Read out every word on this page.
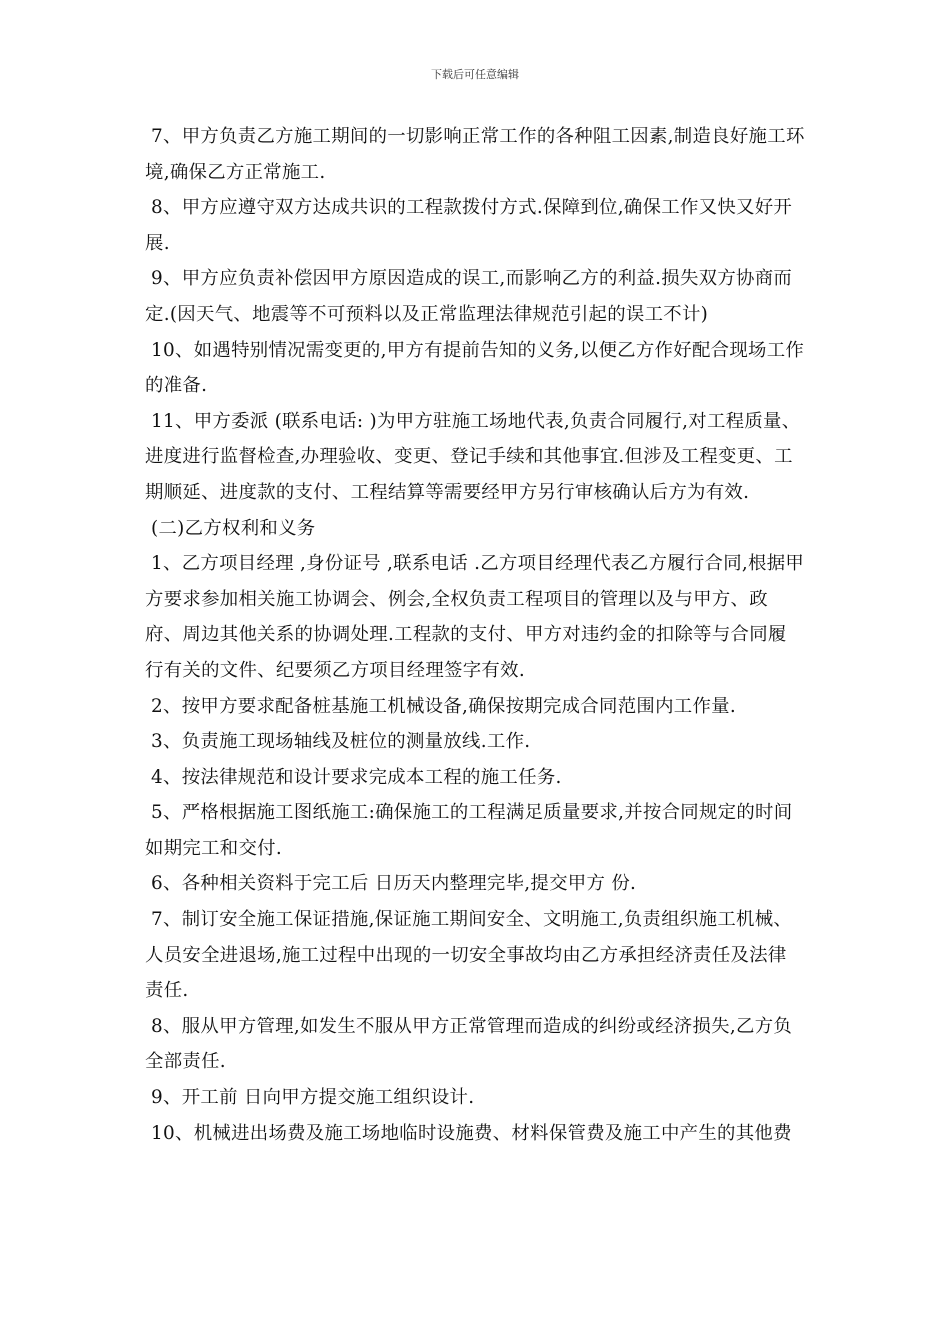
下载后可任意编辑

7、甲方负责乙方施工期间的一切影响正常工作的各种阻工因素,制造良好施工环境,确保乙方正常施工.

8、甲方应遵守双方达成共识的工程款拨付方式.保障到位,确保工作又快又好开展.

9、甲方应负责补偿因甲方原因造成的误工,而影响乙方的利益.损失双方协商而定.(因天气、地震等不可预料以及正常监理法律规范引起的误工不计)

10、如遇特别情况需变更的,甲方有提前告知的义务,以便乙方作好配合现场工作的准备.

11、甲方委派 (联系电话: )为甲方驻施工场地代表,负责合同履行,对工程质量、进度进行监督检查,办理验收、变更、登记手续和其他事宜.但涉及工程变更、工期顺延、进度款的支付、工程结算等需要经甲方另行审核确认后方为有效.

(二)乙方权利和义务

1、乙方项目经理 ,身份证号 ,联系电话 .乙方项目经理代表乙方履行合同,根据甲方要求参加相关施工协调会、例会,全权负责工程项目的管理以及与甲方、政府、周边其他关系的协调处理.工程款的支付、甲方对违约金的扣除等与合同履行有关的文件、纪要须乙方项目经理签字有效.

2、按甲方要求配备桩基施工机械设备,确保按期完成合同范围内工作量.

3、负责施工现场轴线及桩位的测量放线.工作.

4、按法律规范和设计要求完成本工程的施工任务.

5、严格根据施工图纸施工:确保施工的工程满足质量要求,并按合同规定的时间如期完工和交付.

6、各种相关资料于完工后 日历天内整理完毕,提交甲方 份.

7、制订安全施工保证措施,保证施工期间安全、文明施工,负责组织施工机械、人员安全进退场,施工过程中出现的一切安全事故均由乙方承担经济责任及法律责任.

8、服从甲方管理,如发生不服从甲方正常管理而造成的纠纷或经济损失,乙方负全部责任.

9、开工前 日向甲方提交施工组织设计.

10、机械进出场费及施工场地临时设施费、材料保管费及施工中产生的其他费
